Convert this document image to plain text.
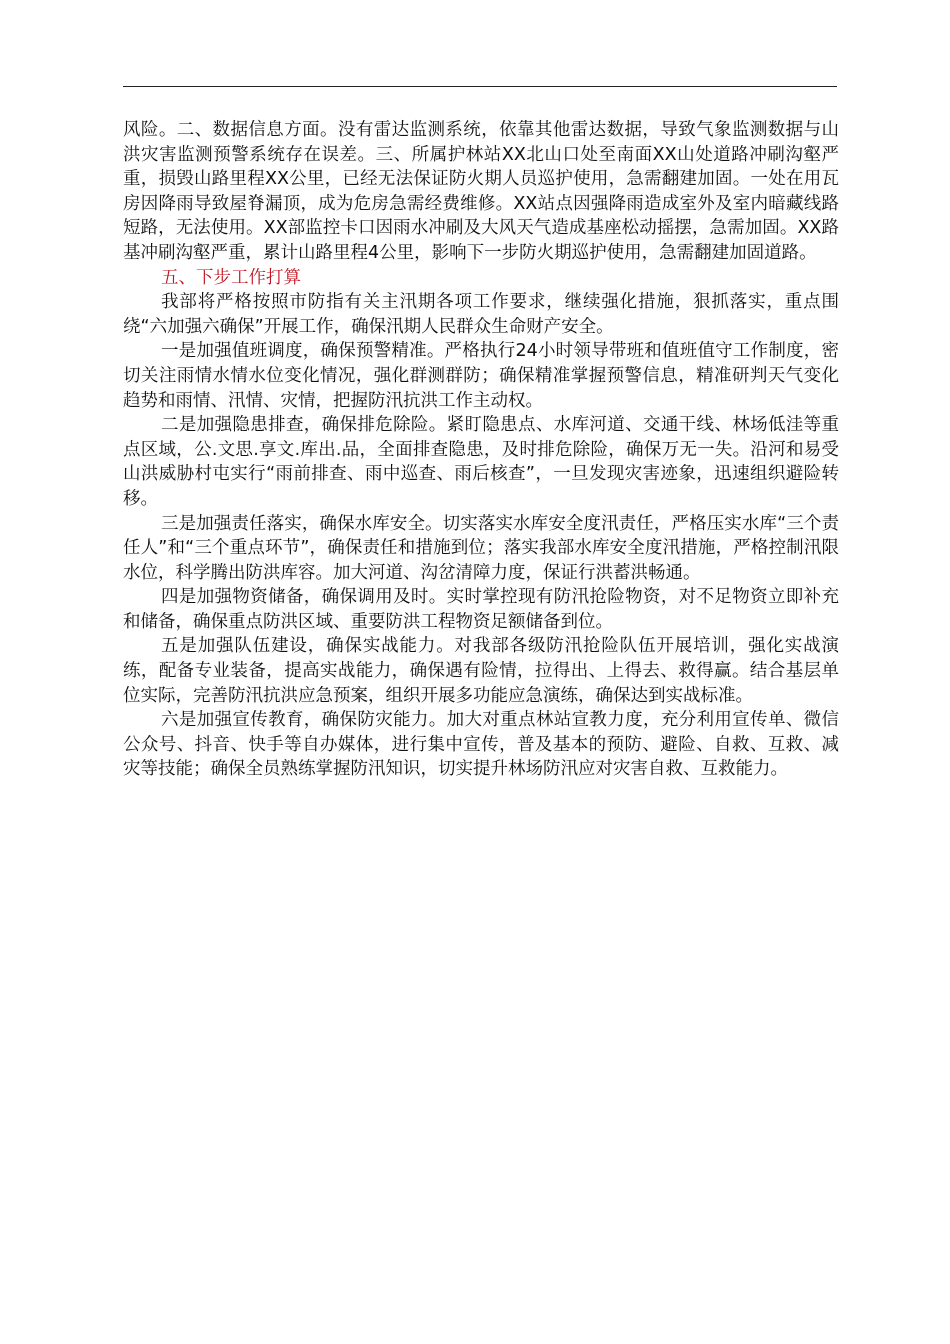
风险。二、数据信息方面。没有雷达监测系统，依靠其他雷达数据，导致气象监测数据与山洪灾害监测预警系统存在误差。三、所属护林站XX北山口处至南面XX山处道路冲刷沟壑严重，损毁山路里程XX公里，已经无法保证防火期人员巡护使用，急需翻建加固。一处在用瓦房因降雨导致屋脊漏顶，成为危房急需经费维修。XX站点因强降雨造成室外及室内暗藏线路短路，无法使用。XX部监控卡口因雨水冲刷及大风天气造成基座松动摇摆，急需加固。XX路基冲刷沟壑严重，累计山路里程4公里，影响下一步防火期巡护使用，急需翻建加固道路。

五、下步工作打算

我部将严格按照市防指有关主汛期各项工作要求，继续强化措施，狠抓落实，重点围绕“六加强六确保”开展工作，确保汛期人民群众生命财产安全。

一是加强值班调度，确保预警精准。严格执行24小时领导带班和值班值守工作制度，密切关注雨情水情水位变化情况，强化群测群防；确保精准掌握预警信息，精准研判天气变化趋势和雨情、汛情、灾情，把握防汛抗洪工作主动权。

二是加强隐患排查，确保排危除险。紧盯隐患点、水库河道、交通干线、林场低洼等重点区域，公.文思.享文.库出.品，全面排查隐患，及时排危除险，确保万无一失。沿河和易受山洪威胁村屯实行“雨前排查、雨中巡查、雨后核查”，一旦发现灾害迹象，迅速组织避险转移。

三是加强责任落实，确保水库安全。切实落实水库安全度汛责任，严格压实水库“三个责任人”和“三个重点环节”，确保责任和措施到位；落实我部水库安全度汛措施，严格控制汛限水位，科学腾出防洪库容。加大河道、沟岔清障力度，保证行洪蓄洪畅通。

四是加强物资储备，确保调用及时。实时掌控现有防汛抢险物资，对不足物资立即补充和储备，确保重点防洪区域、重要防洪工程物资足额储备到位。

五是加强队伍建设，确保实战能力。对我部各级防汛抢险队伍开展培训，强化实战演练，配备专业装备，提高实战能力，确保遇有险情，拉得出、上得去、救得赢。结合基层单位实际，完善防汛抗洪应急预案，组织开展多功能应急演练，确保达到实战标准。

六是加强宣传教育，确保防灾能力。加大对重点林站宣教力度，充分利用宣传单、微信公众号、抖音、快手等自办媒体，进行集中宣传，普及基本的预防、避险、自救、互救、减灾等技能；确保全员熟练掌握防汛知识，切实提升林场防汛应对灾害自救、互救能力。
